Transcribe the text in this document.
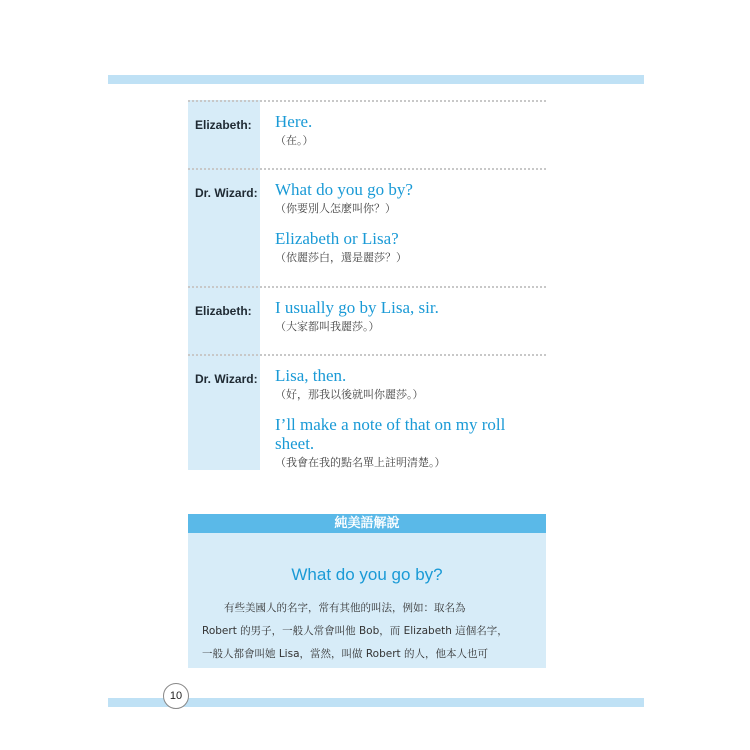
Elizabeth:	Here.
（在。）
Dr. Wizard: What do you go by?
（你要別人怎麼叫你？）
Elizabeth or Lisa?
（依麗莎白，還是麗莎？）
Elizabeth:	I usually go by Lisa, sir.
（大家都叫我麗莎。）
Dr. Wizard: Lisa, then.
（好，那我以後就叫你麗莎。）
I’ll make a note of that on my roll sheet.
（我會在我的點名單上註明清楚。）
純美語解說
What do you go by?

有些美國人的名字，常有其他的叫法，例如：取名為
Robert 的男子，一般人常會叫他 Bob，而 Elizabeth 這個名字，
一般人都會叫她 Lisa，當然，叫做 Robert 的人，他本人也可

10
